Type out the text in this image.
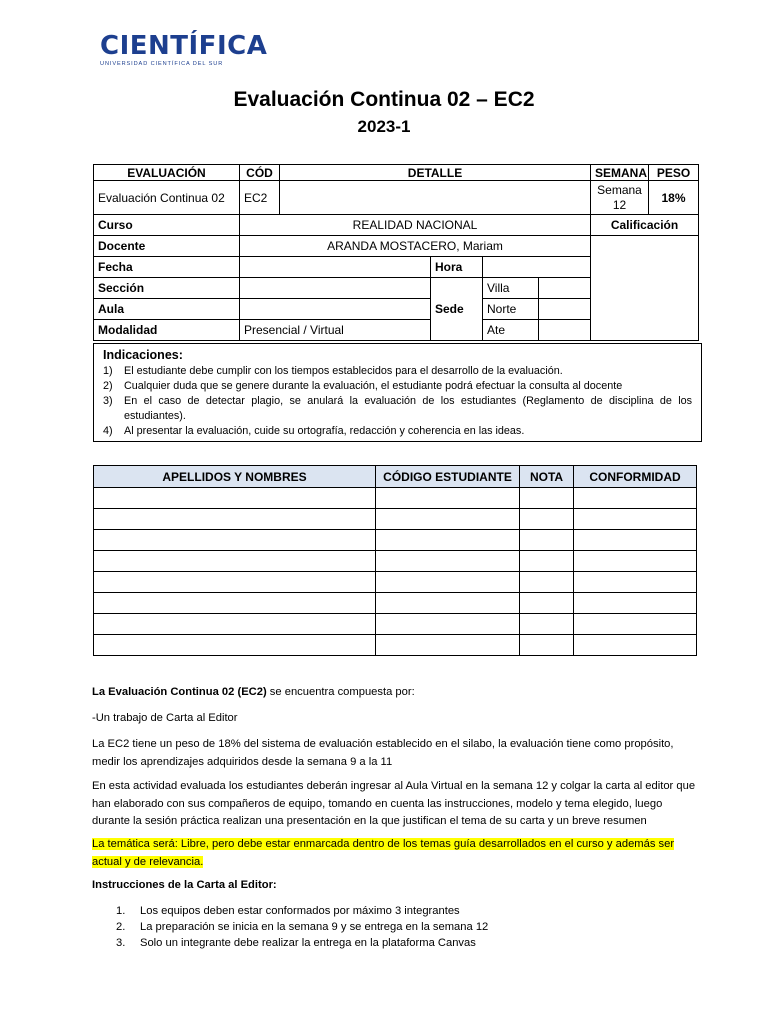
CIENTÍFICA
UNIVERSIDAD CIENTÍFICA DEL SUR
Evaluación Continua 02 – EC2
2023-1
EVALUACIÓN	CÓD	DETALLE				SEMANA	PESO
Evaluación Continua 02	EC2					Semana 12	18%
Curso	REALIDAD NACIONAL					Calificación	
Docente	ARANDA MOSTACERO, Mariam						
Fecha			Hora				
Sección			Sede	Villa			
Aula				Norte			
Modalidad	Presencial / Virtual			Ate			
Indicaciones:
1)	El estudiante debe cumplir con los tiempos establecidos para el desarrollo de la evaluación.
2)	Cualquier duda que se genere durante la evaluación, el estudiante podrá efectuar la consulta al docente
3)	En el caso de detectar plagio, se anulará la evaluación de los estudiantes (Reglamento de disciplina de los estudiantes).
4)	Al presentar la evaluación, cuide su ortografía, redacción y coherencia en las ideas.
APELLIDOS Y NOMBRES	CÓDIGO ESTUDIANTE	NOTA	CONFORMIDAD

La Evaluación Continua 02 (EC2) se encuentra compuesta por:

-Un trabajo de Carta al Editor

La EC2 tiene un peso de 18% del sistema de evaluación establecido en el silabo, la evaluación tiene como propósito, medir los aprendizajes adquiridos desde la semana 9 a la 11

En esta actividad evaluada los estudiantes deberán ingresar al Aula Virtual en la semana 12 y colgar la carta al editor que han elaborado con sus compañeros de equipo, tomando en cuenta las instrucciones, modelo y tema elegido, luego durante la sesión práctica realizan una presentación en la que justifican el tema de su carta y un breve resumen

La temática será: Libre, pero debe estar enmarcada dentro de los temas guía desarrollados en el curso y además ser actual y de relevancia.

Instrucciones de la Carta al Editor:

1.	Los equipos deben estar conformados por máximo 3 integrantes
2.	La preparación se inicia en la semana 9 y se entrega en la semana 12
3.	Solo un integrante debe realizar la entrega en la plataforma Canvas
